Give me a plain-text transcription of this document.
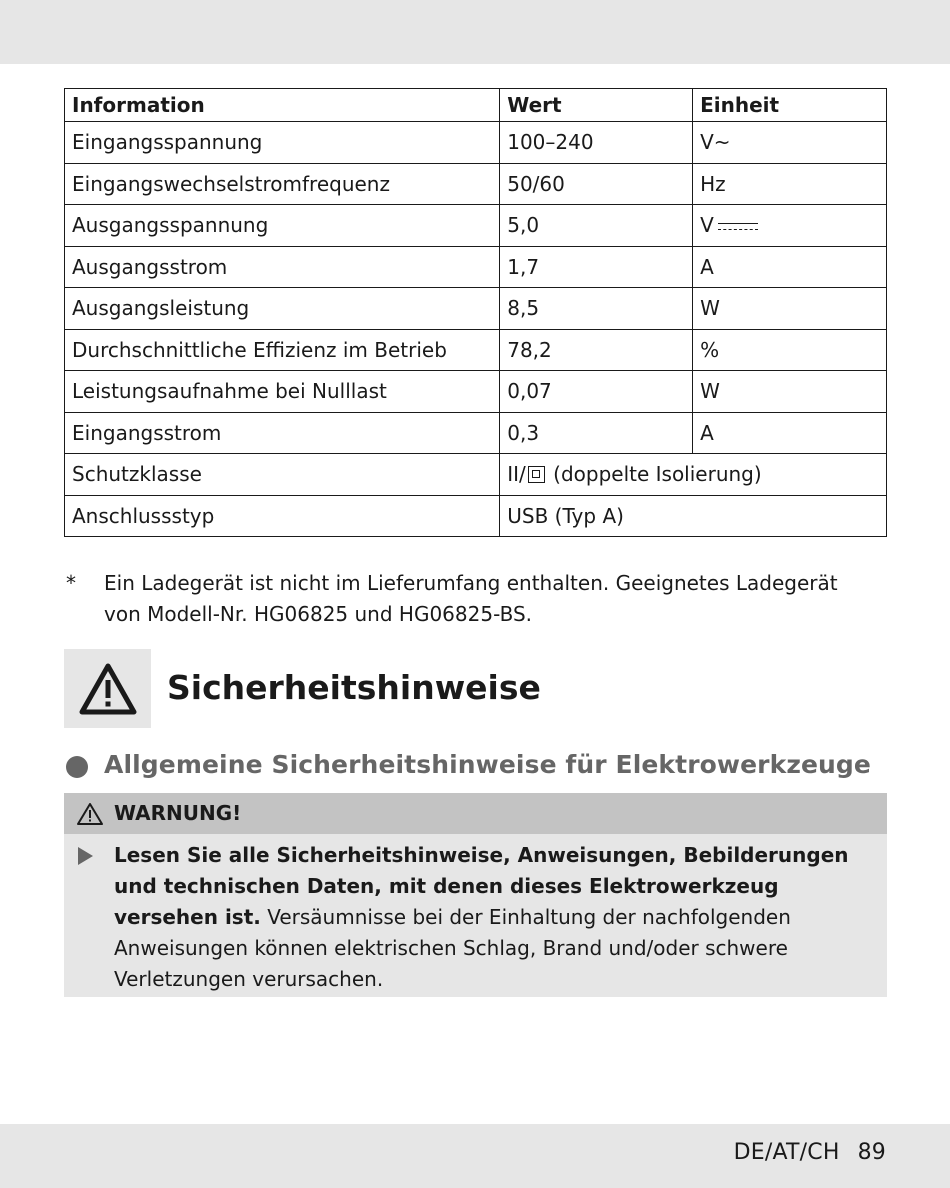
Information	Wert	Einheit
Eingangsspannung	100–240	V~
Eingangswechselstromfrequenz	50/60	Hz
Ausgangsspannung	5,0	V

Ausgangsstrom	1,7	A
Ausgangsleistung	8,5	W
Durchschnittliche Effizienz im Betrieb	78,2	%
Leistungsaufnahme bei Nulllast	0,07	W
Eingangsstrom	0,3	A
Schutzklasse	II/ (doppelte Isolierung)	
Anschlussstyp	USB (Typ A)	
* Ein Ladegerät ist nicht im Lieferumfang enthalten. Geeignetes Ladegerät von Modell-Nr. HG06825 und HG06825-BS.
Sicherheitshinweise
Allgemeine Sicherheitshinweise für Elektrowerkzeuge
WARNUNG!
Lesen Sie alle Sicherheitshinweise, Anweisungen, Bebilderungen und technischen Daten, mit denen dieses Elektrowerkzeug versehen ist. Versäumnisse bei der Einhaltung der nachfolgenden Anweisungen können elektrischen Schlag, Brand und/oder schwere Verletzungen verursachen.
DE/AT/CH 89
